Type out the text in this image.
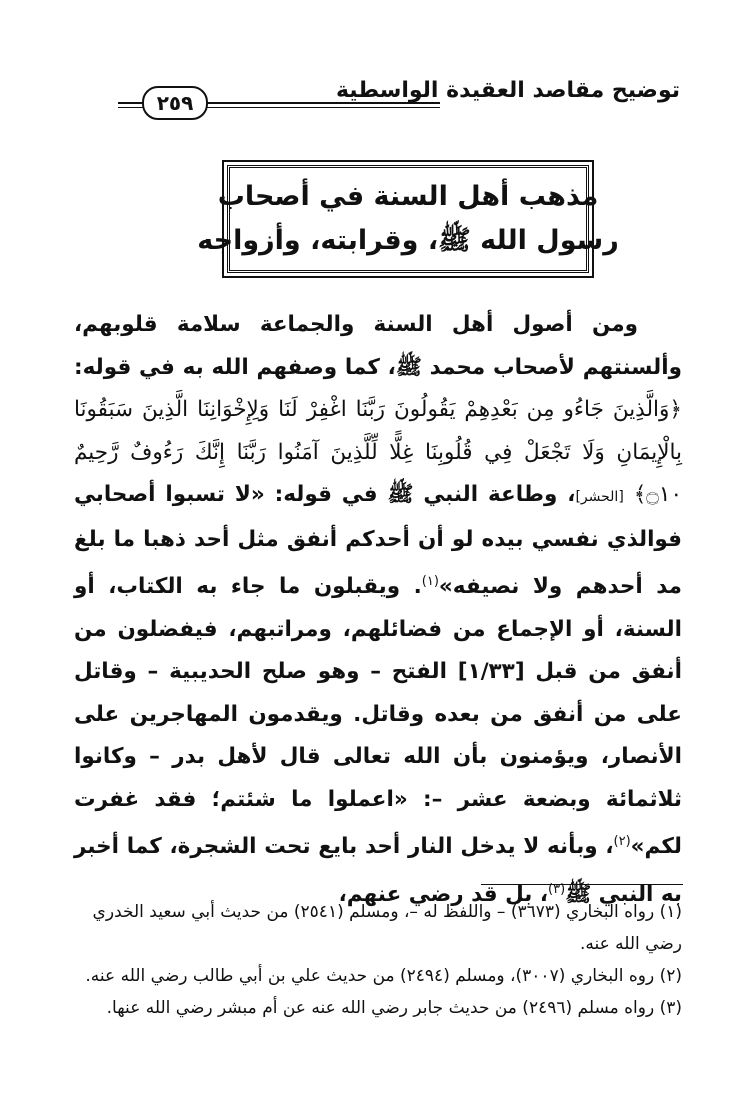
توضيح مقاصد العقيدة الواسطية
٢٥٩
مذهب أهل السنة في أصحاب
رسول الله ﷺ، وقرابته، وأزواجه

ومن أصول أهل السنة والجماعة سلامة قلوبهم، وألسنتهم لأصحاب محمد ﷺ، كما وصفهم الله به في قوله: ﴿وَالَّذِينَ جَاءُو مِن بَعْدِهِمْ يَقُولُونَ رَبَّنَا اغْفِرْ لَنَا وَلِإِخْوَانِنَا الَّذِينَ سَبَقُونَا بِالْإِيمَانِ وَلَا تَجْعَلْ فِي قُلُوبِنَا غِلًّا لِّلَّذِينَ آمَنُوا رَبَّنَا إِنَّكَ رَءُوفٌ رَّحِيمٌ ۝١٠﴾ [الحشر]، وطاعة النبي ﷺ في قوله: «لا تسبوا أصحابي فوالذي نفسي بيده لو أن أحدكم أنفق مثل أحد ذهبا ما بلغ مد أحدهم ولا نصيفه»$^{(١)}$. ويقبلون ما جاء به الكتاب، أو السنة، أو الإجماع من فضائلهم، ومراتبهم، فيفضلون من أنفق من قبل [١/٣٣] الفتح – وهو صلح الحديبية – وقاتل على من أنفق من بعده وقاتل. ويقدمون المهاجرين على الأنصار، ويؤمنون بأن الله تعالى قال لأهل بدر – وكانوا ثلاثمائة وبضعة عشر –: «اعملوا ما شئتم؛ فقد غفرت لكم»$^{(٢)}$، وبأنه لا يدخل النار أحد بايع تحت الشجرة، كما أخبر به النبي ﷺ$^{(٣)}$، بل قد رضي عنهم،

(١) رواه البخاري (٣٦٧٣) – واللفظ له –، ومسلم (٢٥٤١) من حديث أبي سعيد الخدري رضي الله عنه.

(٢) روه البخاري (٣٠٠٧)، ومسلم (٢٤٩٤) من حديث علي بن أبي طالب رضي الله عنه.

(٣) رواه مسلم (٢٤٩٦) من حديث جابر رضي الله عنه عن أم مبشر رضي الله عنها.
